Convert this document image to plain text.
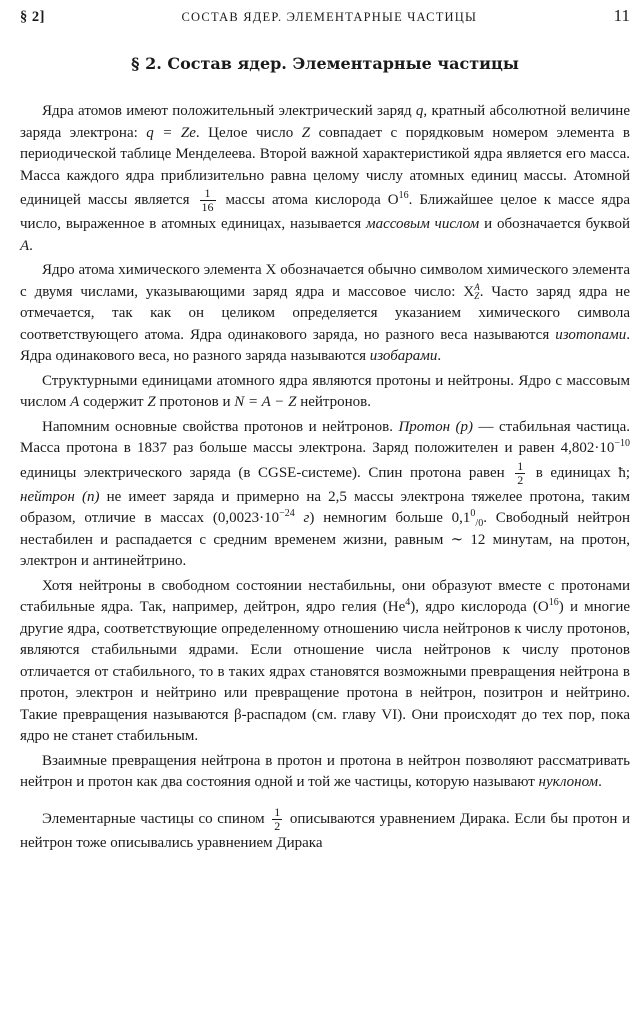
§ 2]	СОСТАВ ЯДЕР. ЭЛЕМЕНТАРНЫЕ ЧАСТИЦЫ	11
§ 2. Состав ядер. Элементарные частицы

Ядра атомов имеют положительный электрический заряд q, кратный абсолютной величине заряда электрона: q = Ze. Целое число Z совпадает с порядковым номером элемента в периодической таблице Менделеева. Второй важной характеристикой ядра является его масса. Масса каждого ядра приблизительно равна целому числу атомных единиц массы. Атомной единицей массы является $\frac{1}{16}$ массы атома кислорода $O^{16}$. Ближайшее целое к массе ядра число, выраженное в атомных единицах, называется массовым числом и обозначается буквой A.

Ядро атома химического элемента X обозначается обычно символом химического элемента с двумя числами, указывающими заряд ядра и массовое число: X A
Z . Часто заряд ядра не отмечается, так как он целиком определяется указанием химического символа соответствующего атома. Ядра одинакового заряда, но разного веса называются изотопами. Ядра одинакового веса, но разного заряда называются изобарами.

Структурными единицами атомного ядра являются протоны и нейтроны. Ядро с массовым числом A содержит Z протонов и N = A − Z нейтронов.

Напомним основные свойства протонов и нейтронов. Протон (p) — стабильная частица. Масса протона в 1837 раз больше массы электрона. Заряд положителен и равен $4,802\cdot 10^{-10}$ единицы электрического заряда (в CGSE-системе). Спин протона равен $\frac{1}{2}$ в единицах ħ; нейтрон (n) не имеет заряда и примерно на 2,5 массы электрона тяжелее протона, таким образом, отличие в массах ($0,0023\cdot 10^{-24}$ г) немногим больше $0,1^0_{/0}$. Свободный нейтрон нестабилен и распадается с средним временем жизни, равным ∼ 12 минутам, на протон, электрон и антинейтрино.

Хотя нейтроны в свободном состоянии нестабильны, они образуют вместе с протонами стабильные ядра. Так, например, дейтрон, ядро гелия (He$^4$), ядро кислорода $(O^{16})$ и многие другие ядра, соответствующие определенному отношению числа нейтронов к числу протонов, являются стабильными ядрами. Если отношение числа нейтронов к числу протонов отличается от стабильного, то в таких ядрах становятся возможными превращения нейтрона в протон, электрон и нейтрино или превращение протона в нейтрон, позитрон и нейтрино. Такие превращения называются β-распадом (см. главу VI). Они происходят до тех пор, пока ядро не станет стабильным.

Взаимные превращения нейтрона в протон и протона в нейтрон позволяют рассматривать нейтрон и протон как два состояния одной и той же частицы, которую называют нуклоном.

Элементарные частицы со спином $\frac{1}{2}$ описываются уравнением Дирака. Если бы протон и нейтрон тоже описывались уравнением Дирака
